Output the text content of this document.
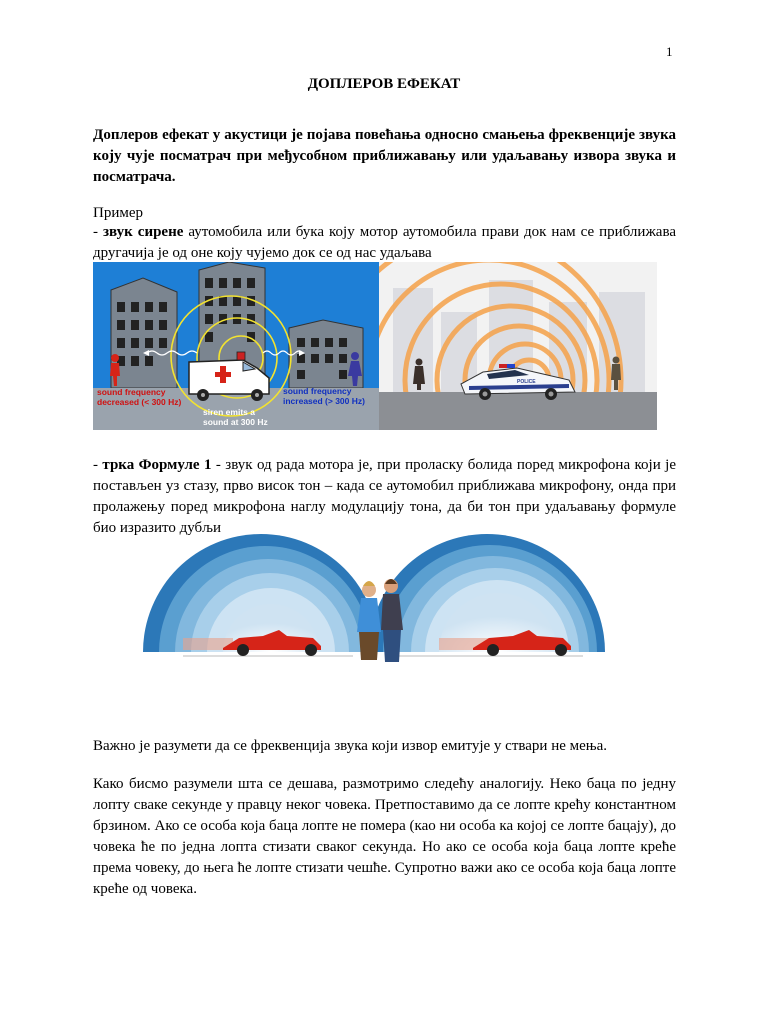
1
ДОПЛЕРОВ ЕФЕКАТ
Доплеров ефекат у акустици је појава повећања односно смањења фреквенције звука коју чује посматрач при међусобном приближавању или удаљавању извора звука и посматрача.
Пример
- звук сирене аутомобила или бука коју мотор аутомобила прави док нам се приближава другачија је од оне коју чујемо док се од нас удаљава
sound frequency
decreased (< 300 Hz)
sound frequency
increased (> 300 Hz)
siren emits a
sound at 300 Hz
POLICE
- трка Формуле 1 - звук од рада мотора је, при проласку болида поред микрофона који је постављен уз стазу, прво висок тон – када се аутомобил приближава микрофону, онда при пролажењу поред микрофона наглу модулацију тона, да би тон при удаљавању формуле био изразито дубљи
Важно је разумети да се фреквенција звука који извор емитује у ствари не мења.
Како бисмо разумели шта се дешава, размотримо следећу аналогију. Неко баца по једну лопту сваке секунде у правцу неког човека. Претпоставимо да се лопте крећу константном брзином. Ако се особа која баца лопте не помера (као ни особа ка којој се лопте бацају), до човека ће по једна лопта стизати сваког секунда. Но ако се особа која баца лопте креће према човеку, до њега ће лопте стизати чешће. Супротно важи ако се особа која баца лопте креће од човека.
